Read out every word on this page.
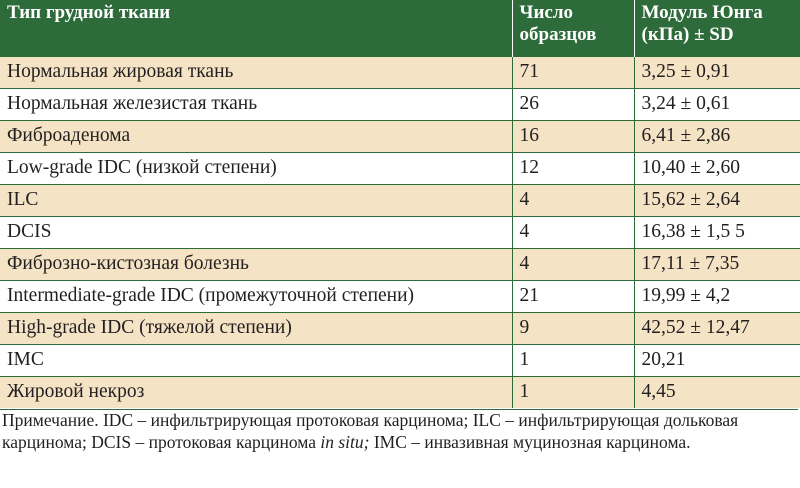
Тип грудной ткани	Число образцов	Модуль Юнга (кПа) ± SD
Нормальная жировая ткань	71	3,25 ± 0,91
Нормальная железистая ткань	26	3,24 ± 0,61
Фиброаденома	16	6,41 ± 2,86
Low-grade IDC (низкой степени)	12	10,40 ± 2,60
ILC	4	15,62 ± 2,64
DCIS	4	16,38 ± 1,5 5
Фиброзно-кистозная болезнь	4	17,11 ± 7,35
Intermediate-grade IDC (промежуточной степени)	21	19,99 ± 4,2
High-grade IDC (тяжелой степени)	9	42,52 ± 12,47
IMC	1	20,21
Жировой некроз	1	4,45
Примечание. IDC – инфильтрирующая протоковая карцинома; ILC – инфильтрирующая дольковая карцинома; DCIS – протоковая карцинома in situ; IMC – инвазивная муцинозная карцинома.
